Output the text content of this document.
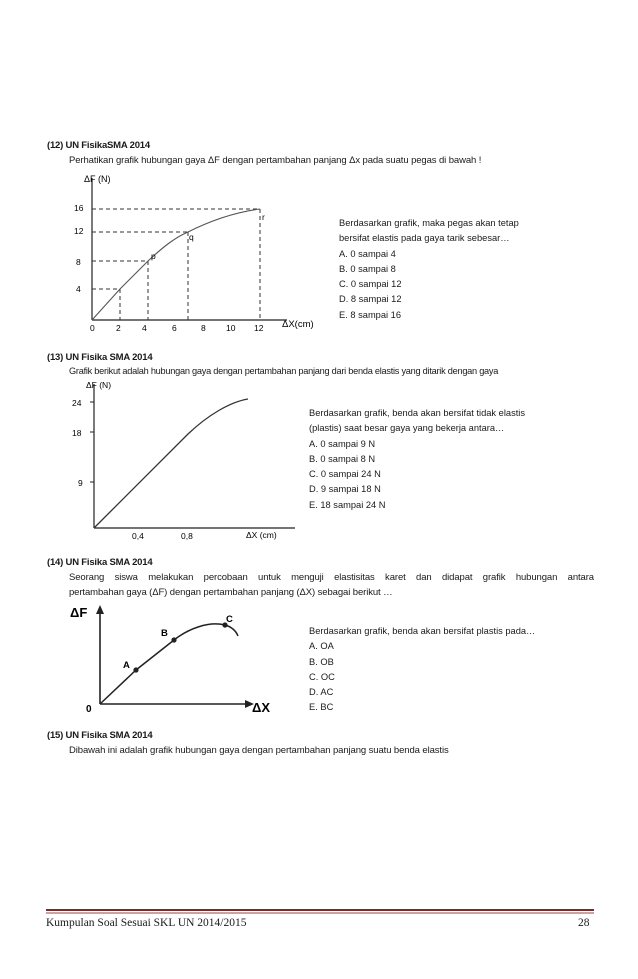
(12) UN FisikaSMA 2014
Perhatikan grafik hubungan gaya ΔF dengan pertambahan panjang Δx pada suatu pegas di bawah !
ΔF (N)
ΔX(cm)
16
12
8
4
0	2	4	6	8 10 12
p
q
r
Berdasarkan grafik, maka pegas akan tetap
bersifat elastis pada gaya tarik sebesar…
A. 0 sampai 4
B. 0 sampai 8
C. 0 sampai 12
D. 8 sampai 12
E. 8 sampai 16
(13) UN Fisika SMA 2014
Grafik berikut adalah hubungan gaya dengan pertambahan panjang dari benda elastis yang ditarik dengan gaya
ΔF (N)
ΔX (cm)
24
18
9
0,4	0,8
Berdasarkan grafik, benda akan bersifat tidak elastis
(plastis) saat besar gaya yang bekerja antara…
A. 0 sampai 9 N
B. 0 sampai 8 N
C. 0 sampai 24 N
D. 9 sampai 18 N
E. 18 sampai 24 N
(14) UN Fisika SMA 2014
Seorang siswa melakukan percobaan untuk menguji elastisitas karet dan didapat grafik hubungan antara
pertambahan gaya (ΔF) dengan pertambahan panjang (ΔX) sebagai berikut …
ΔF
ΔX
0
A
B
C
Berdasarkan grafik, benda akan bersifat plastis pada…
A. OA
B. OB
C. OC
D. AC
E. BC
(15) UN Fisika SMA 2014
Dibawah ini adalah grafik hubungan gaya dengan pertambahan panjang suatu benda elastis
Kumpulan Soal Sesuai SKL UN 2014/2015	28
